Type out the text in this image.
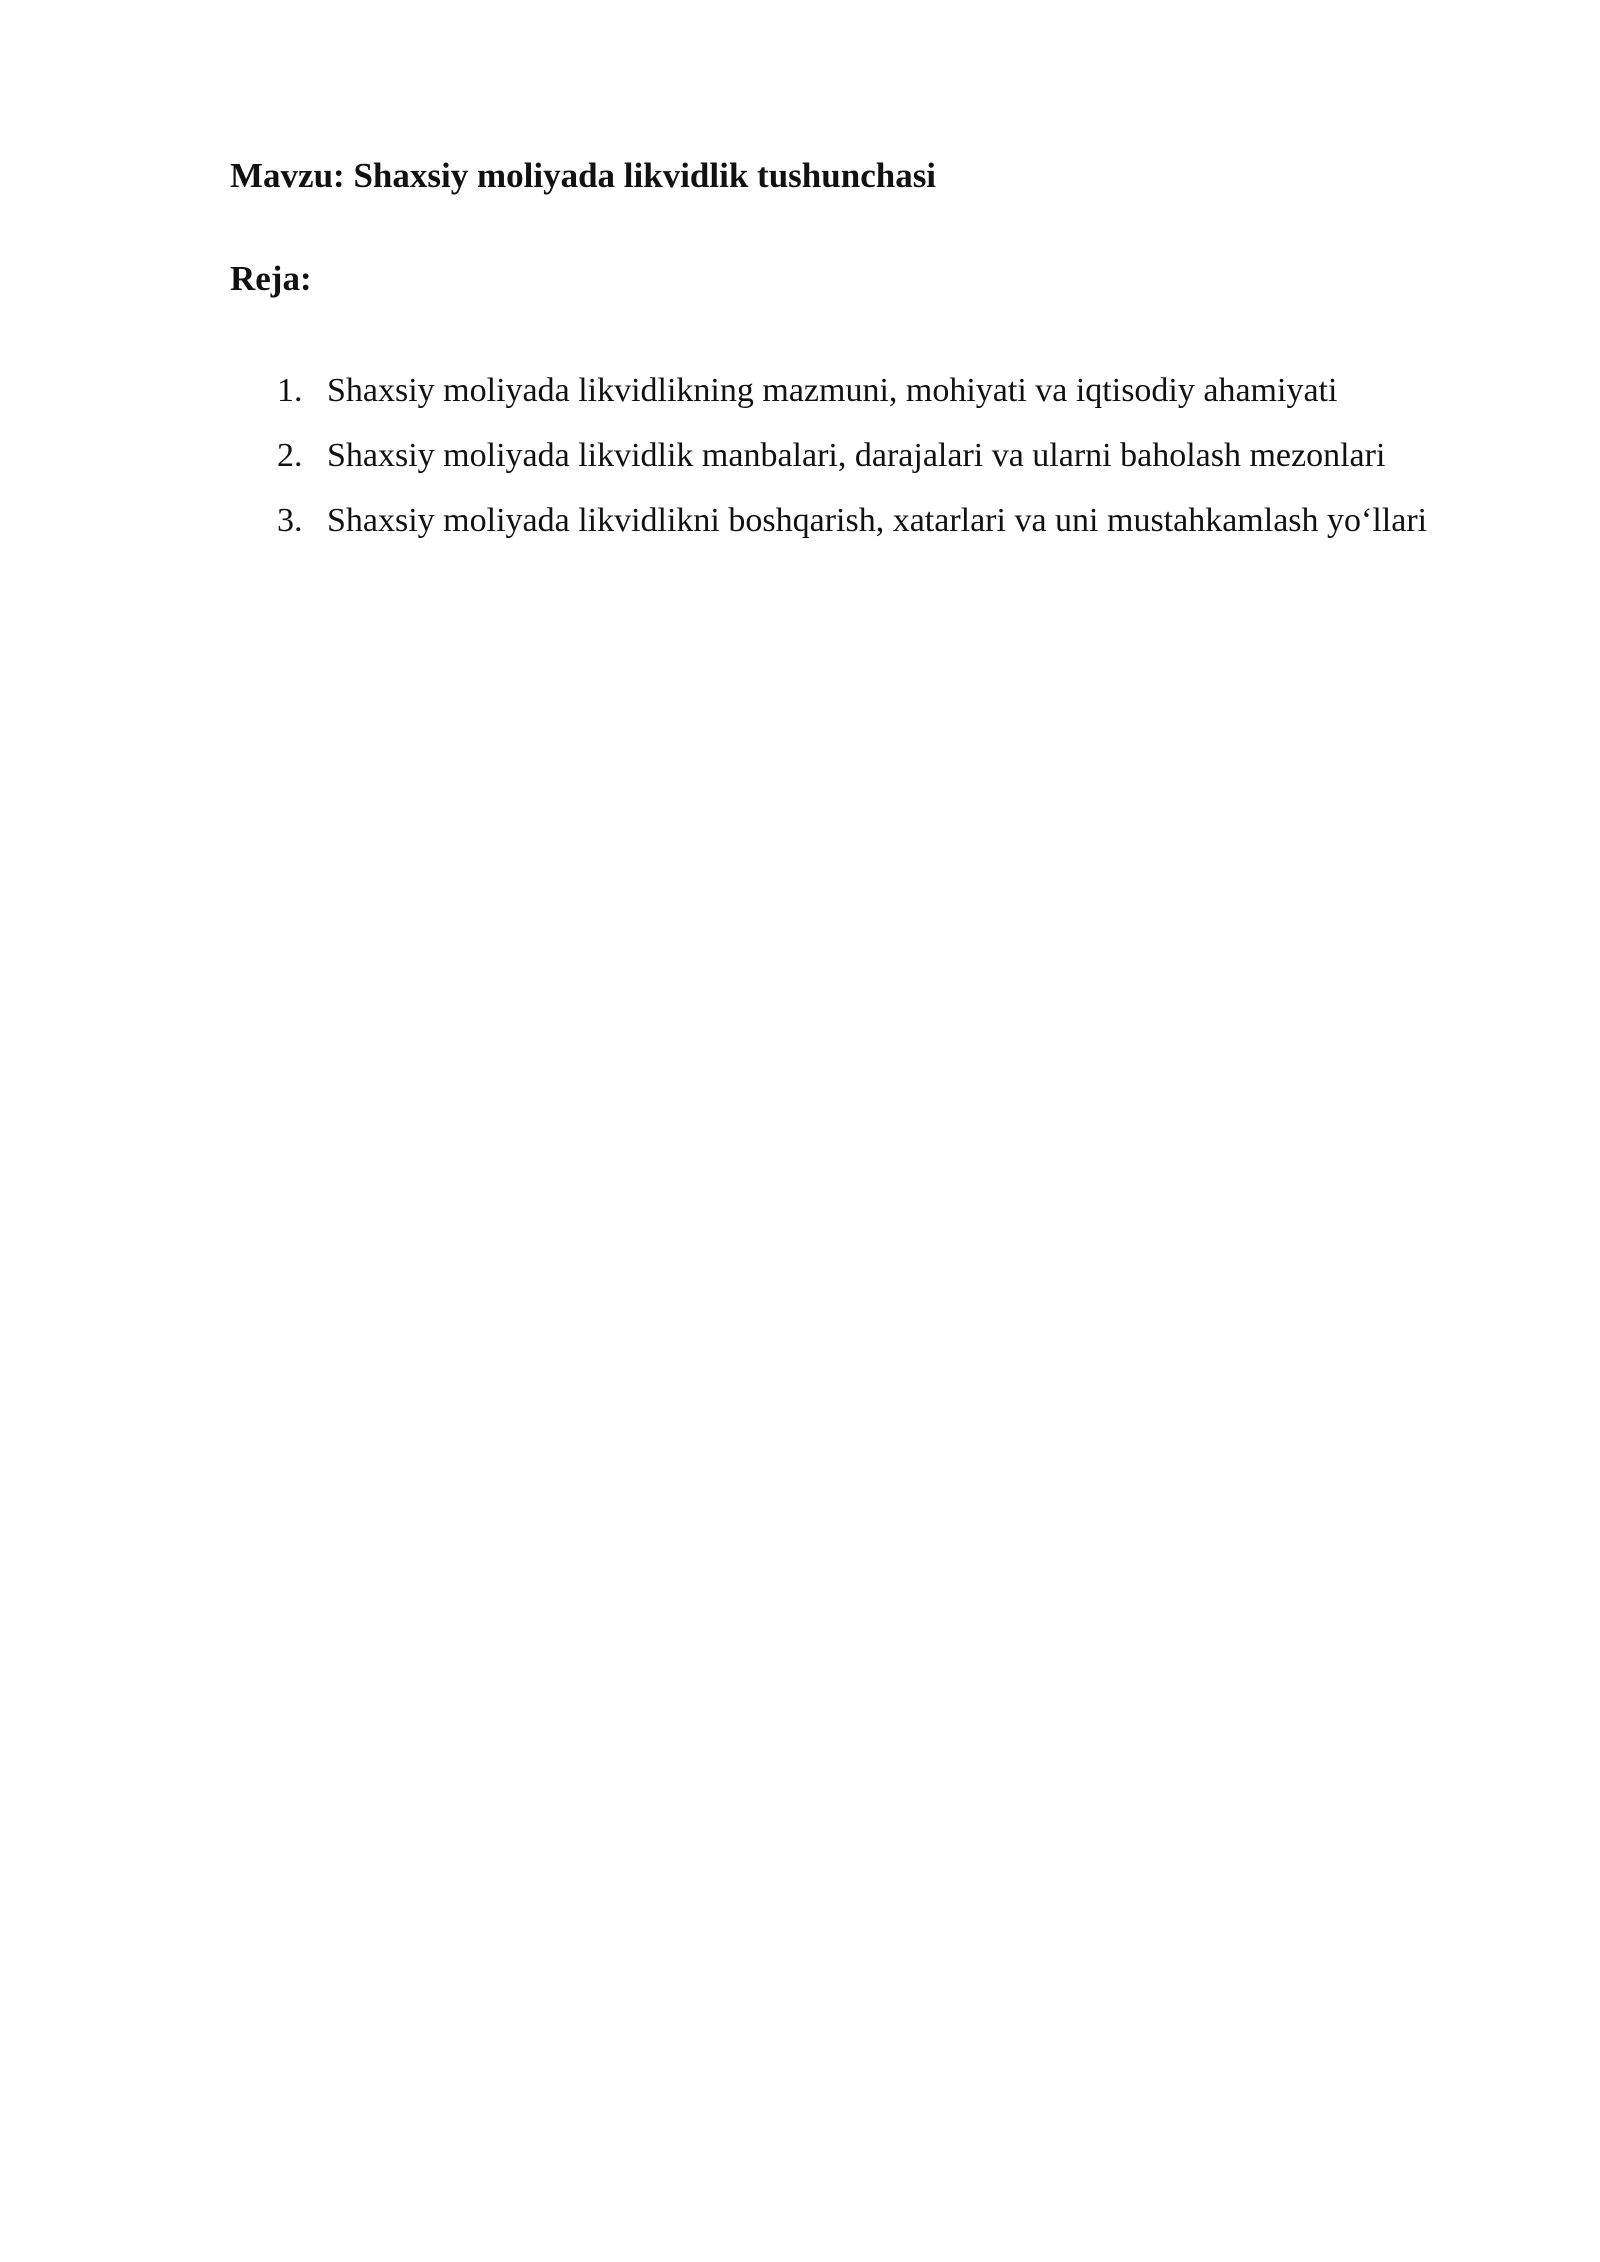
Mavzu: Shaxsiy moliyada likvidlik tushunchasi
Reja:
1. Shaxsiy moliyada likvidlikning mazmuni, mohiyati va iqtisodiy ahamiyati
2. Shaxsiy moliyada likvidlik manbalari, darajalari va ularni baholash mezonlari
3. Shaxsiy moliyada likvidlikni boshqarish, xatarlari va uni mustahkamlash yo‘llari
